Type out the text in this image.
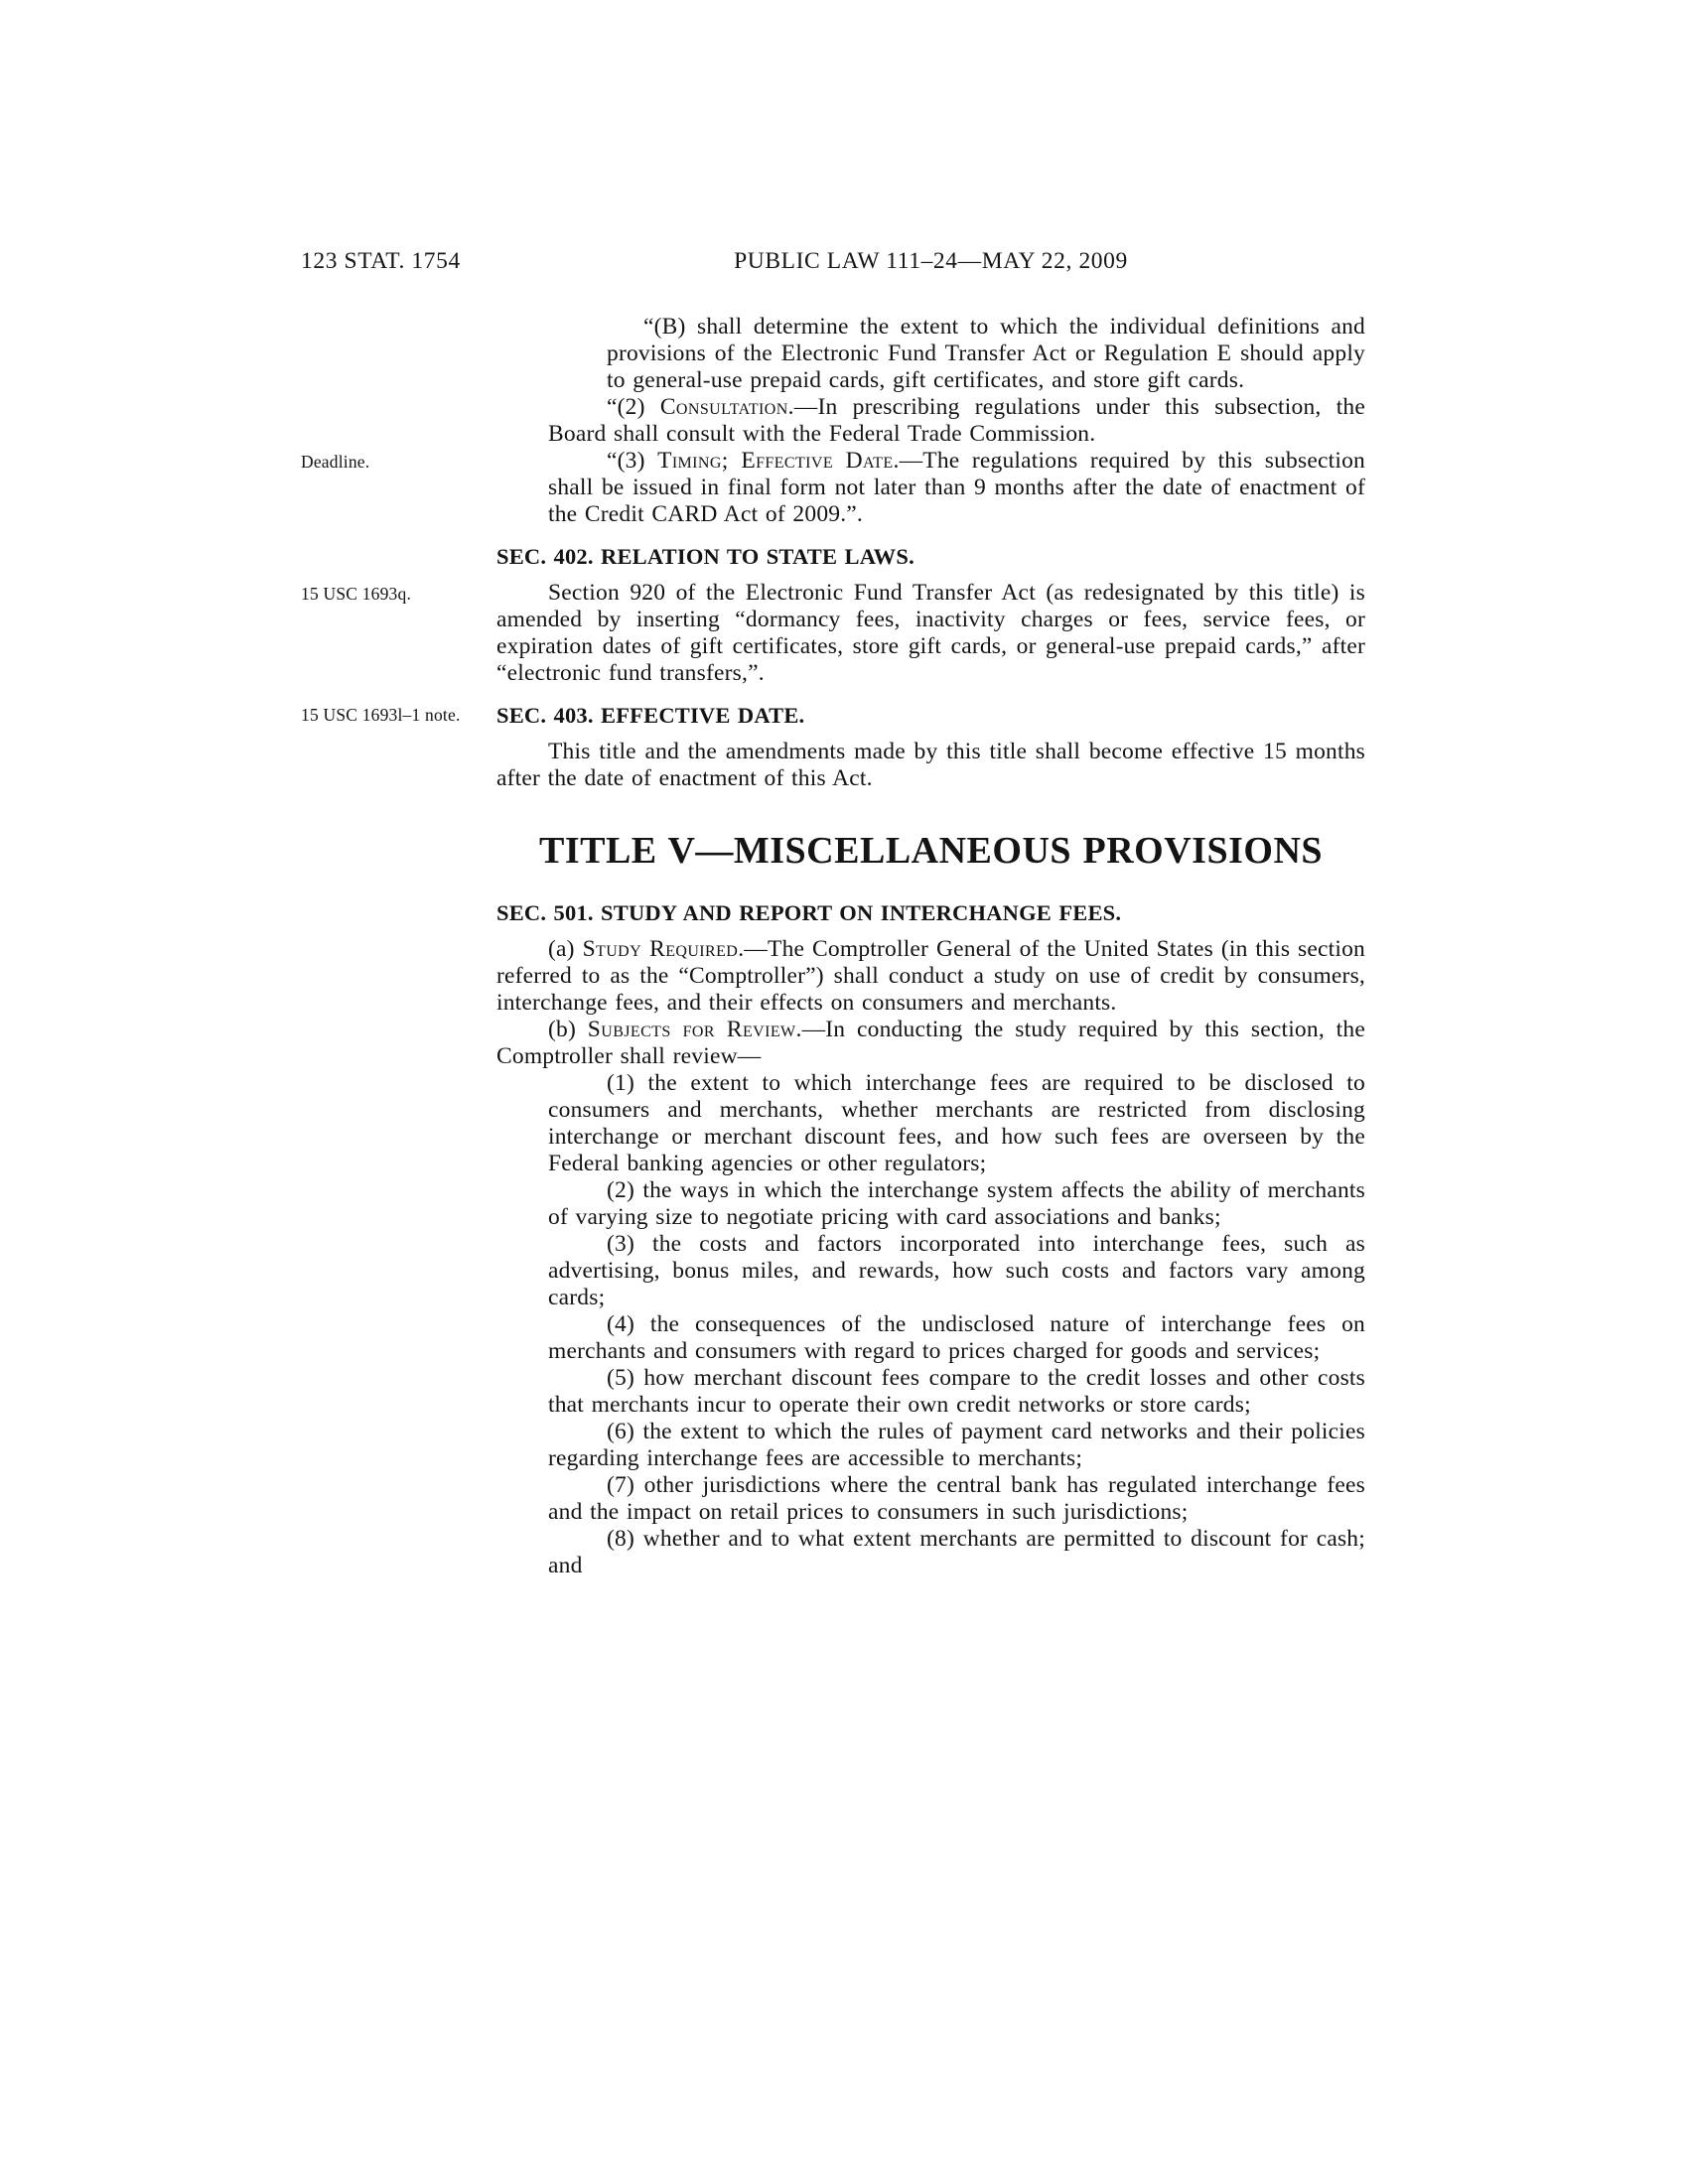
123 STAT. 1754	PUBLIC LAW 111–24—MAY 22, 2009

“(B) shall determine the extent to which the individual definitions and provisions of the Electronic Fund Transfer Act or Regulation E should apply to general-use prepaid cards, gift certificates, and store gift cards.

“(2) Consultation.—In prescribing regulations under this subsection, the Board shall consult with the Federal Trade Commission.

“(3) Timing; Effective Date.—The regulations required by this subsection shall be issued in final form not later than 9 months after the date of enactment of the Credit CARD Act of 2009.”.
Deadline.

SEC. 402. RELATION TO STATE LAWS.

Section 920 of the Electronic Fund Transfer Act (as redesignated by this title) is amended by inserting “dormancy fees, inactivity charges or fees, service fees, or expiration dates of gift certificates, store gift cards, or general-use prepaid cards,” after “electronic fund transfers,”.
15 USC 1693q.

SEC. 403. EFFECTIVE DATE.
15 USC 1693l–1 note.

This title and the amendments made by this title shall become effective 15 months after the date of enactment of this Act.

TITLE V—MISCELLANEOUS PROVISIONS
SEC. 501. STUDY AND REPORT ON INTERCHANGE FEES.

(a) Study Required.—The Comptroller General of the United States (in this section referred to as the “Comptroller”) shall conduct a study on use of credit by consumers, interchange fees, and their effects on consumers and merchants.

(b) Subjects for Review.—In conducting the study required by this section, the Comptroller shall review—

(1) the extent to which interchange fees are required to be disclosed to consumers and merchants, whether merchants are restricted from disclosing interchange or merchant discount fees, and how such fees are overseen by the Federal banking agencies or other regulators;

(2) the ways in which the interchange system affects the ability of merchants of varying size to negotiate pricing with card associations and banks;

(3) the costs and factors incorporated into interchange fees, such as advertising, bonus miles, and rewards, how such costs and factors vary among cards;

(4) the consequences of the undisclosed nature of interchange fees on merchants and consumers with regard to prices charged for goods and services;

(5) how merchant discount fees compare to the credit losses and other costs that merchants incur to operate their own credit networks or store cards;

(6) the extent to which the rules of payment card networks and their policies regarding interchange fees are accessible to merchants;

(7) other jurisdictions where the central bank has regulated interchange fees and the impact on retail prices to consumers in such jurisdictions;

(8) whether and to what extent merchants are permitted to discount for cash; and
